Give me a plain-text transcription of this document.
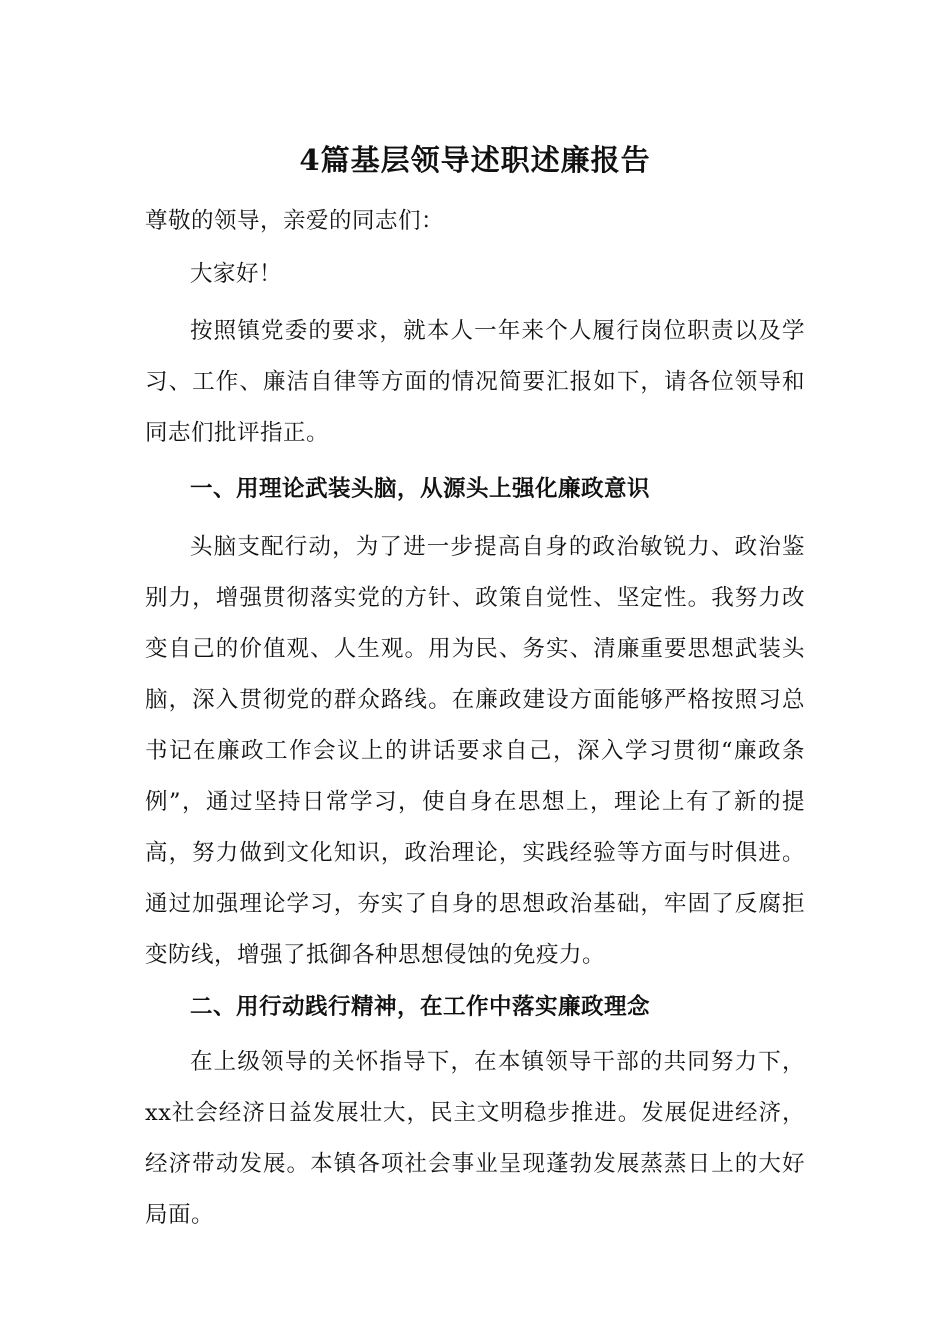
4篇基层领导述职述廉报告
尊敬的领导，亲爱的同志们：
大家好！
按照镇党委的要求，就本人一年来个人履行岗位职责以及学习、工作、廉洁自律等方面的情况简要汇报如下，请各位领导和同志们批评指正。
一、用理论武装头脑，从源头上强化廉政意识
头脑支配行动，为了进一步提高自身的政治敏锐力、政治鉴别力，增强贯彻落实党的方针、政策自觉性、坚定性。我努力改变自己的价值观、人生观。用为民、务实、清廉重要思想武装头脑，深入贯彻党的群众路线。在廉政建设方面能够严格按照习总书记在廉政工作会议上的讲话要求自己，深入学习贯彻“廉政条例”，通过坚持日常学习，使自身在思想上，理论上有了新的提高，努力做到文化知识，政治理论，实践经验等方面与时俱进。通过加强理论学习，夯实了自身的思想政治基础，牢固了反腐拒变防线，增强了抵御各种思想侵蚀的免疫力。
二、用行动践行精神，在工作中落实廉政理念
在上级领导的关怀指导下，在本镇领导干部的共同努力下，xx社会经济日益发展壮大，民主文明稳步推进。发展促进经济，经济带动发展。本镇各项社会事业呈现蓬勃发展蒸蒸日上的大好局面。
